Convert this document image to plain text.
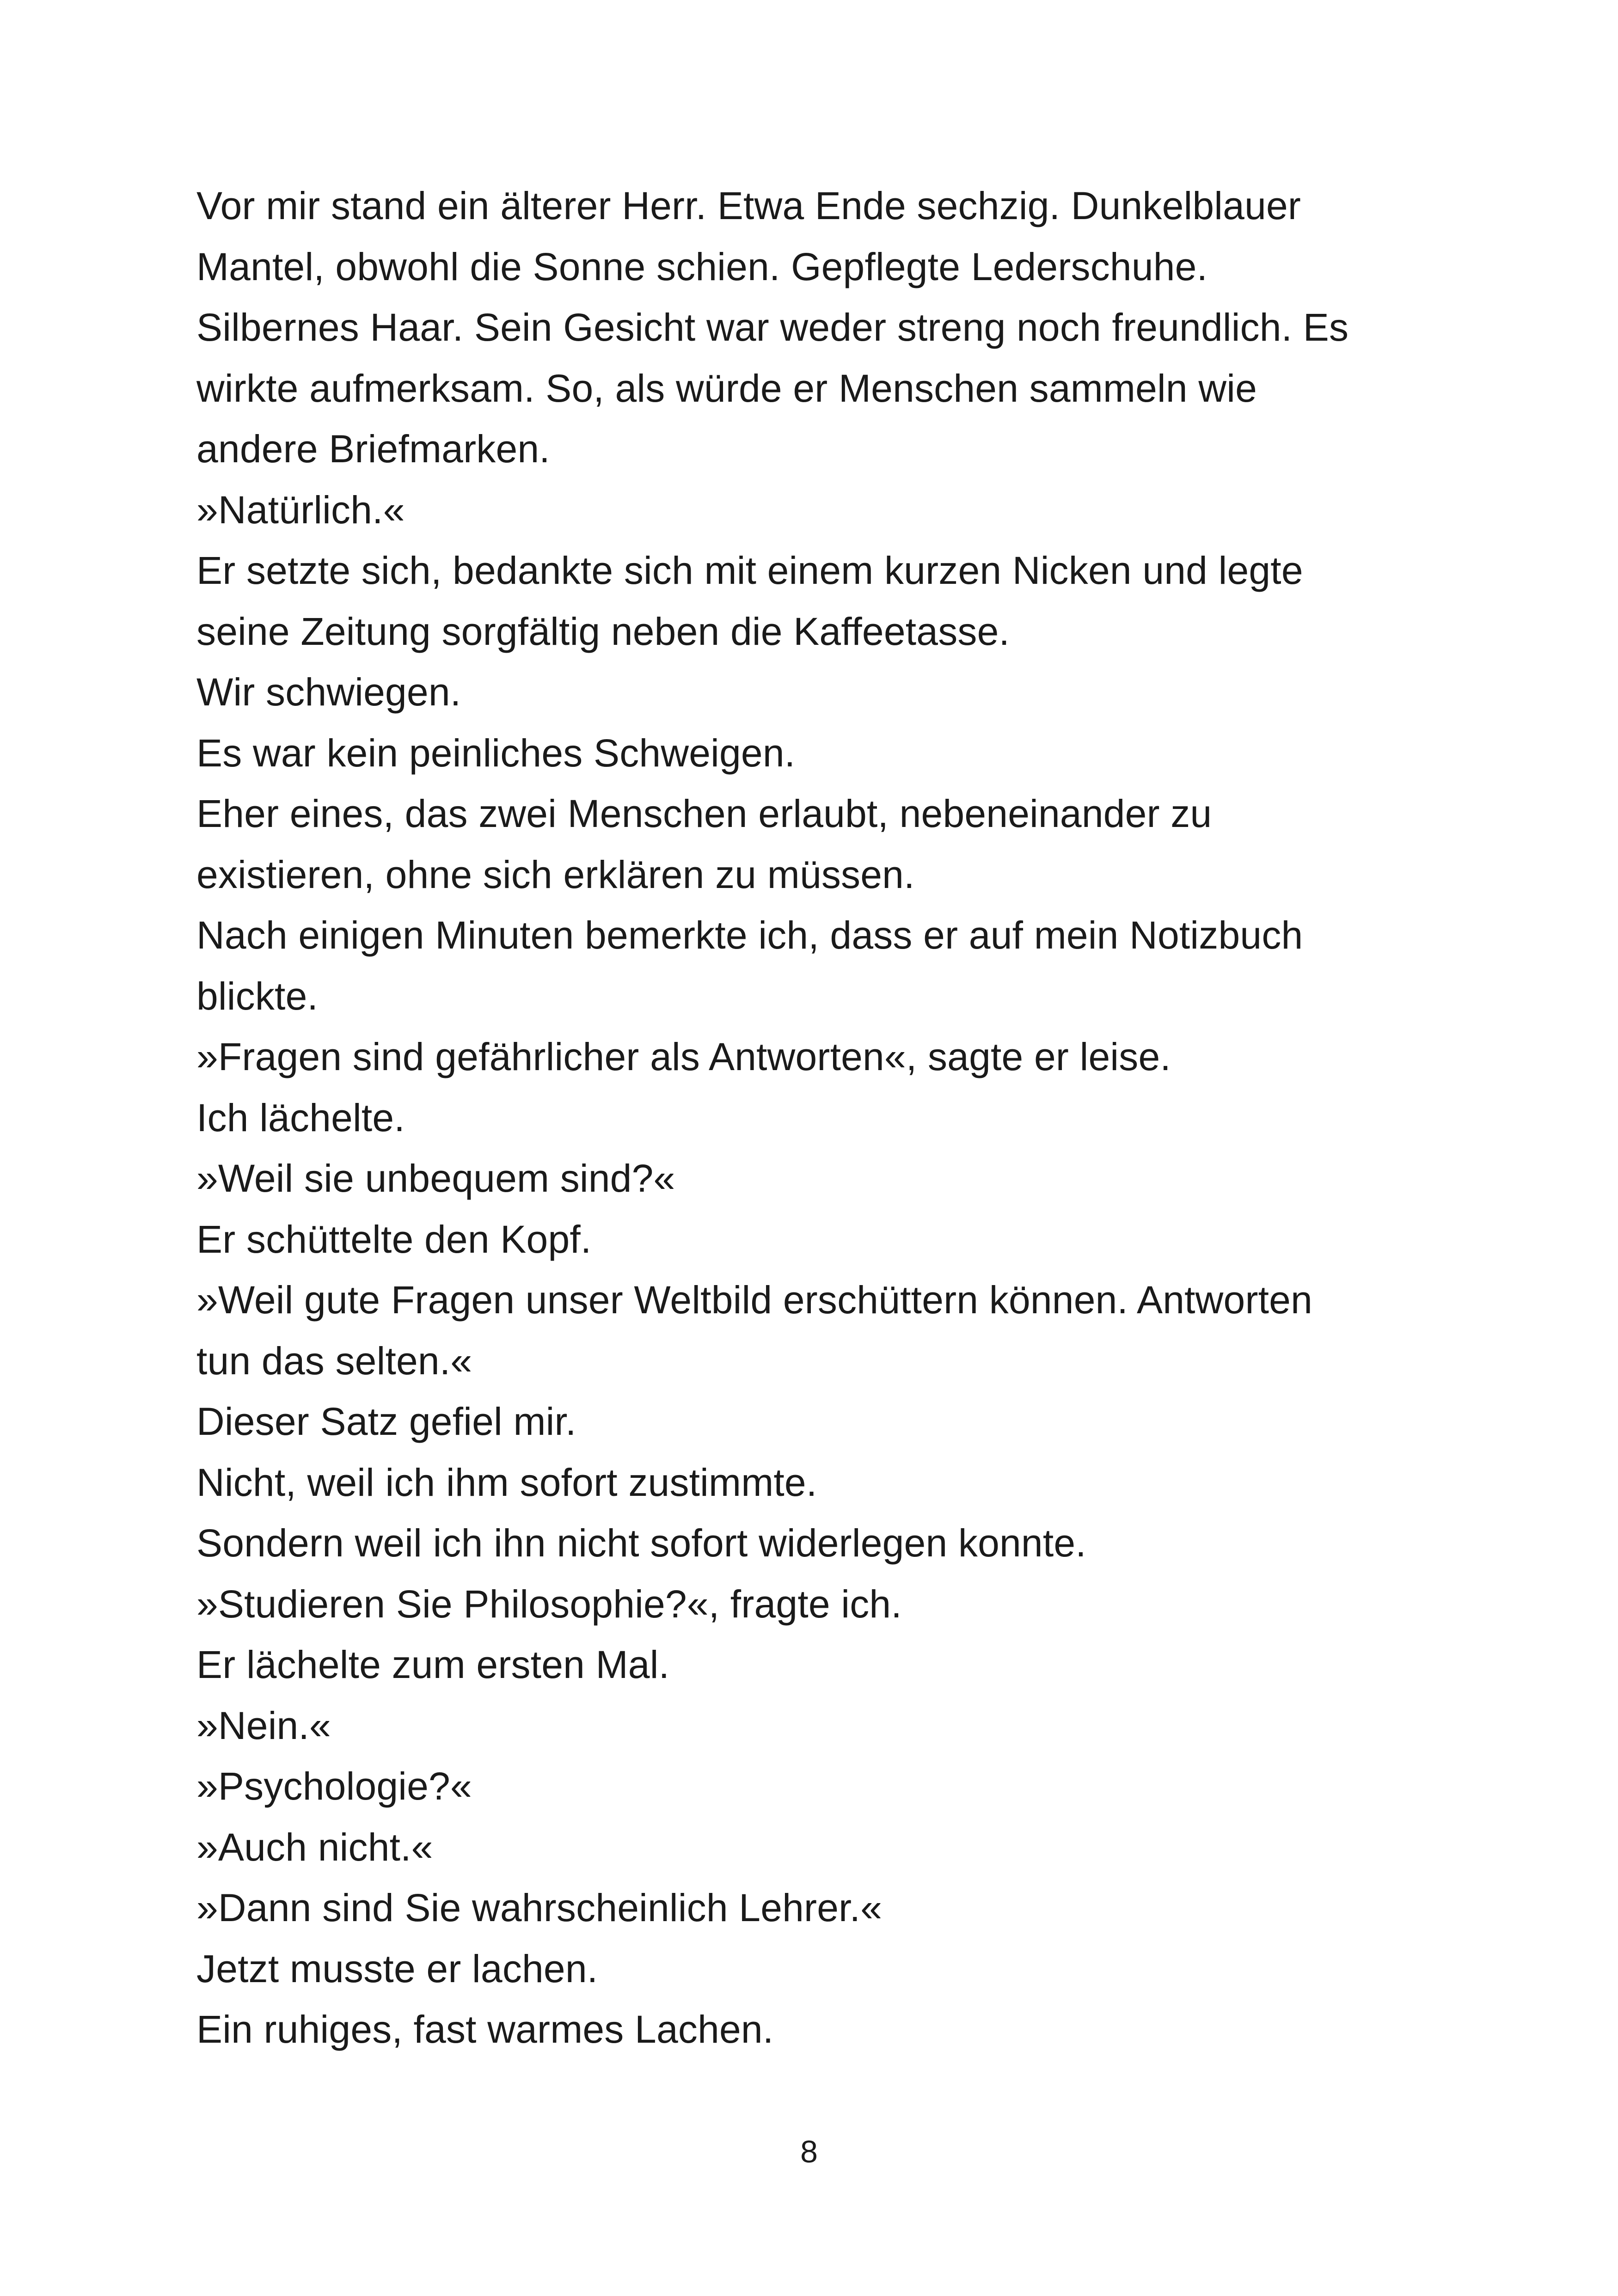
Vor mir stand ein älterer Herr. Etwa Ende sechzig. Dunkelblauer
Mantel, obwohl die Sonne schien. Gepflegte Lederschuhe.
Silbernes Haar. Sein Gesicht war weder streng noch freundlich. Es
wirkte aufmerksam. So, als würde er Menschen sammeln wie
andere Briefmarken.
»Natürlich.«
Er setzte sich, bedankte sich mit einem kurzen Nicken und legte
seine Zeitung sorgfältig neben die Kaffeetasse.
Wir schwiegen.
Es war kein peinliches Schweigen.
Eher eines, das zwei Menschen erlaubt, nebeneinander zu
existieren, ohne sich erklären zu müssen.
Nach einigen Minuten bemerkte ich, dass er auf mein Notizbuch
blickte.
»Fragen sind gefährlicher als Antworten«, sagte er leise.
Ich lächelte.
»Weil sie unbequem sind?«
Er schüttelte den Kopf.
»Weil gute Fragen unser Weltbild erschüttern können. Antworten
tun das selten.«
Dieser Satz gefiel mir.
Nicht, weil ich ihm sofort zustimmte.
Sondern weil ich ihn nicht sofort widerlegen konnte.
»Studieren Sie Philosophie?«, fragte ich.
Er lächelte zum ersten Mal.
»Nein.«
»Psychologie?«
»Auch nicht.«
»Dann sind Sie wahrscheinlich Lehrer.«
Jetzt musste er lachen.
Ein ruhiges, fast warmes Lachen.
8
